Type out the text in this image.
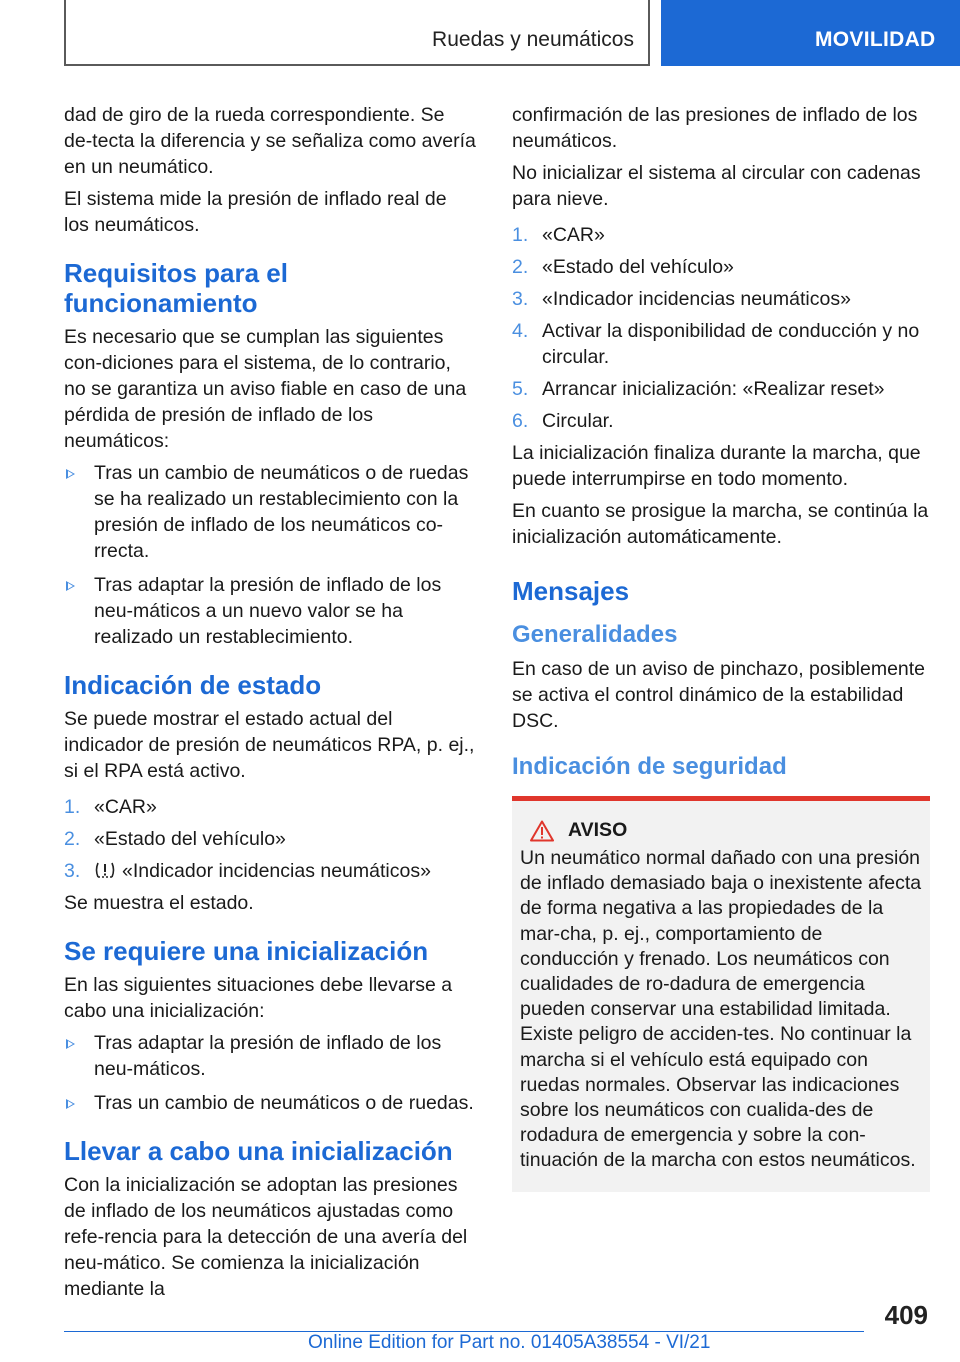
Ruedas y neumáticos	MOVILIDAD

dad de giro de la rueda correspondiente. Se de-tecta la diferencia y se señaliza como avería en un neumático.

El sistema mide la presión de inflado real de los neumáticos.

Requisitos para el funcionamiento

Es necesario que se cumplan las siguientes con-diciones para el sistema, de lo contrario, no se garantiza un aviso fiable en caso de una pérdida de presión de inflado de los neumáticos:

Tras un cambio de neumáticos o de ruedas se ha realizado un restablecimiento con la presión de inflado de los neumáticos co-rrecta.
Tras adaptar la presión de inflado de los neu-máticos a un nuevo valor se ha realizado un restablecimiento.
Indicación de estado

Se puede mostrar el estado actual del indicador de presión de neumáticos RPA, p. ej., si el RPA está activo.

1. «CAR»
2. «Estado del vehículo»
3. «Indicador incidencias neumáticos»

Se muestra el estado.

Se requiere una inicialización

En las siguientes situaciones debe llevarse a cabo una inicialización:

Tras adaptar la presión de inflado de los neu-máticos.
Tras un cambio de neumáticos o de ruedas.
Llevar a cabo una inicialización

Con la inicialización se adoptan las presiones de inflado de los neumáticos ajustadas como refe-rencia para la detección de una avería del neu-mático. Se comienza la inicialización mediante la

confirmación de las presiones de inflado de los neumáticos.

No inicializar el sistema al circular con cadenas para nieve.

1. «CAR»
2. «Estado del vehículo»
3. «Indicador incidencias neumáticos»
4. Activar la disponibilidad de conducción y no circular.
5. Arrancar inicialización: «Realizar reset»
6. Circular.

La inicialización finaliza durante la marcha, que puede interrumpirse en todo momento.

En cuanto se prosigue la marcha, se continúa la inicialización automáticamente.

Mensajes
Generalidades

En caso de un aviso de pinchazo, posiblemente se activa el control dinámico de la estabilidad DSC.

Indicación de seguridad
AVISO

Un neumático normal dañado con una presión de inflado demasiado baja o inexistente afecta de forma negativa a las propiedades de la mar-cha, p. ej., comportamiento de conducción y frenado. Los neumáticos con cualidades de ro-dadura de emergencia pueden conservar una estabilidad limitada. Existe peligro de acciden-tes. No continuar la marcha si el vehículo está equipado con ruedas normales. Observar las indicaciones sobre los neumáticos con cualida-des de rodadura de emergencia y sobre la con-tinuación de la marcha con estos neumáticos.

409
Online Edition for Part no. 01405A38554 - VI/21
